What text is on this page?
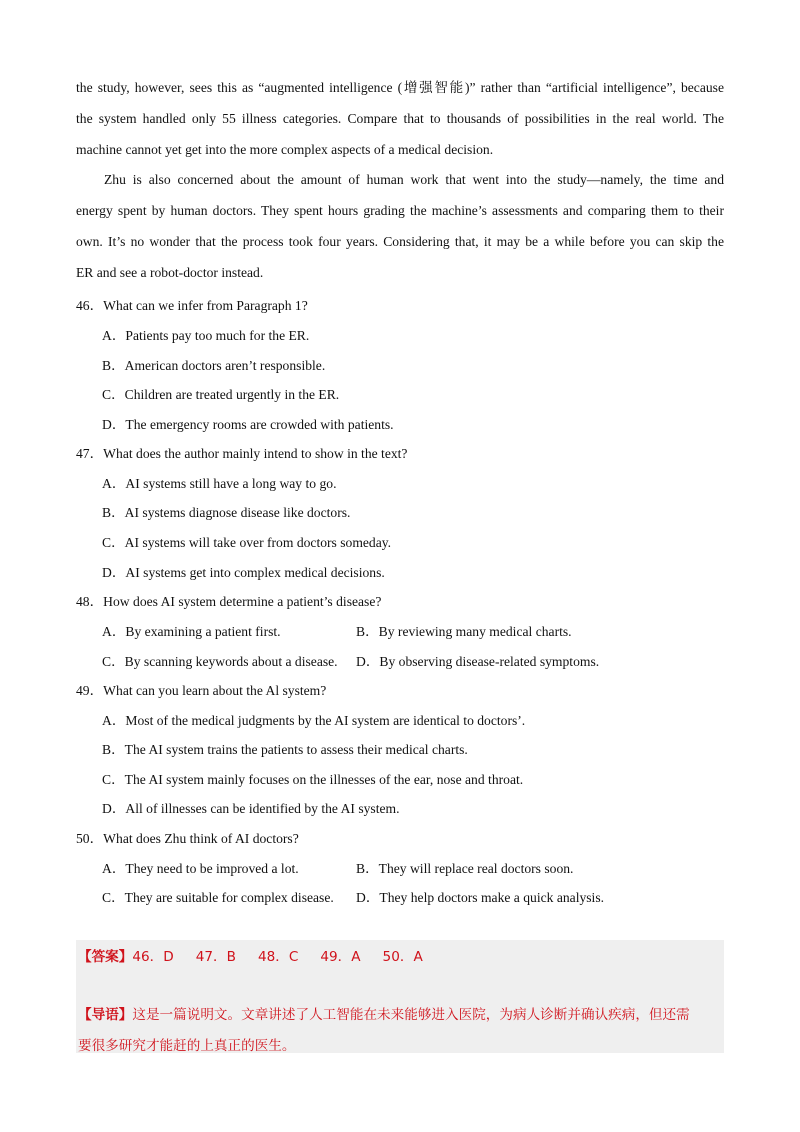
the study, however, sees this as “augmented intelligence (增强智能)” rather than “artificial intelligence”, because
the system handled only 55 illness categories. Compare that to thousands of possibilities in the real world. The
machine cannot yet get into the more complex aspects of a medical decision.
Zhu is also concerned about the amount of human work that went into the study—namely, the time and
energy spent by human doctors. They spent hours grading the machine’s assessments and comparing them to their
own. It’s no wonder that the process took four years. Considering that, it may be a while before you can skip the
ER and see a robot-doctor instead.

46．What can we infer from Paragraph 1?

A．Patients pay too much for the ER.

B．American doctors aren’t responsible.

C．Children are treated urgently in the ER.

D．The emergency rooms are crowded with patients.

47．What does the author mainly intend to show in the text?

A．AI systems still have a long way to go.

B．AI systems diagnose disease like doctors.

C．AI systems will take over from doctors someday.

D．AI systems get into complex medical decisions.

48．How does AI system determine a patient’s disease?

A．By examining a patient first.	B．By reviewing many medical charts.

C．By scanning keywords about a disease. D．By observing disease-related symptoms.

49．What can you learn about the Al system?

A．Most of the medical judgments by the AI system are identical to doctors’.

B．The AI system trains the patients to assess their medical charts.

C．The AI system mainly focuses on the illnesses of the ear, nose and throat.

D．All of illnesses can be identified by the AI system.

50．What does Zhu think of AI doctors?

A．They need to be improved a lot.	B．They will replace real doctors soon.

C．They are suitable for complex disease. D．They help doctors make a quick analysis.

【答案】46．D 47．B 48．C 49．A 50．A

【导语】这是一篇说明文。文章讲述了人工智能在未来能够进入医院，为病人诊断并确认疾病，但还需

要很多研究才能赶的上真正的医生。
